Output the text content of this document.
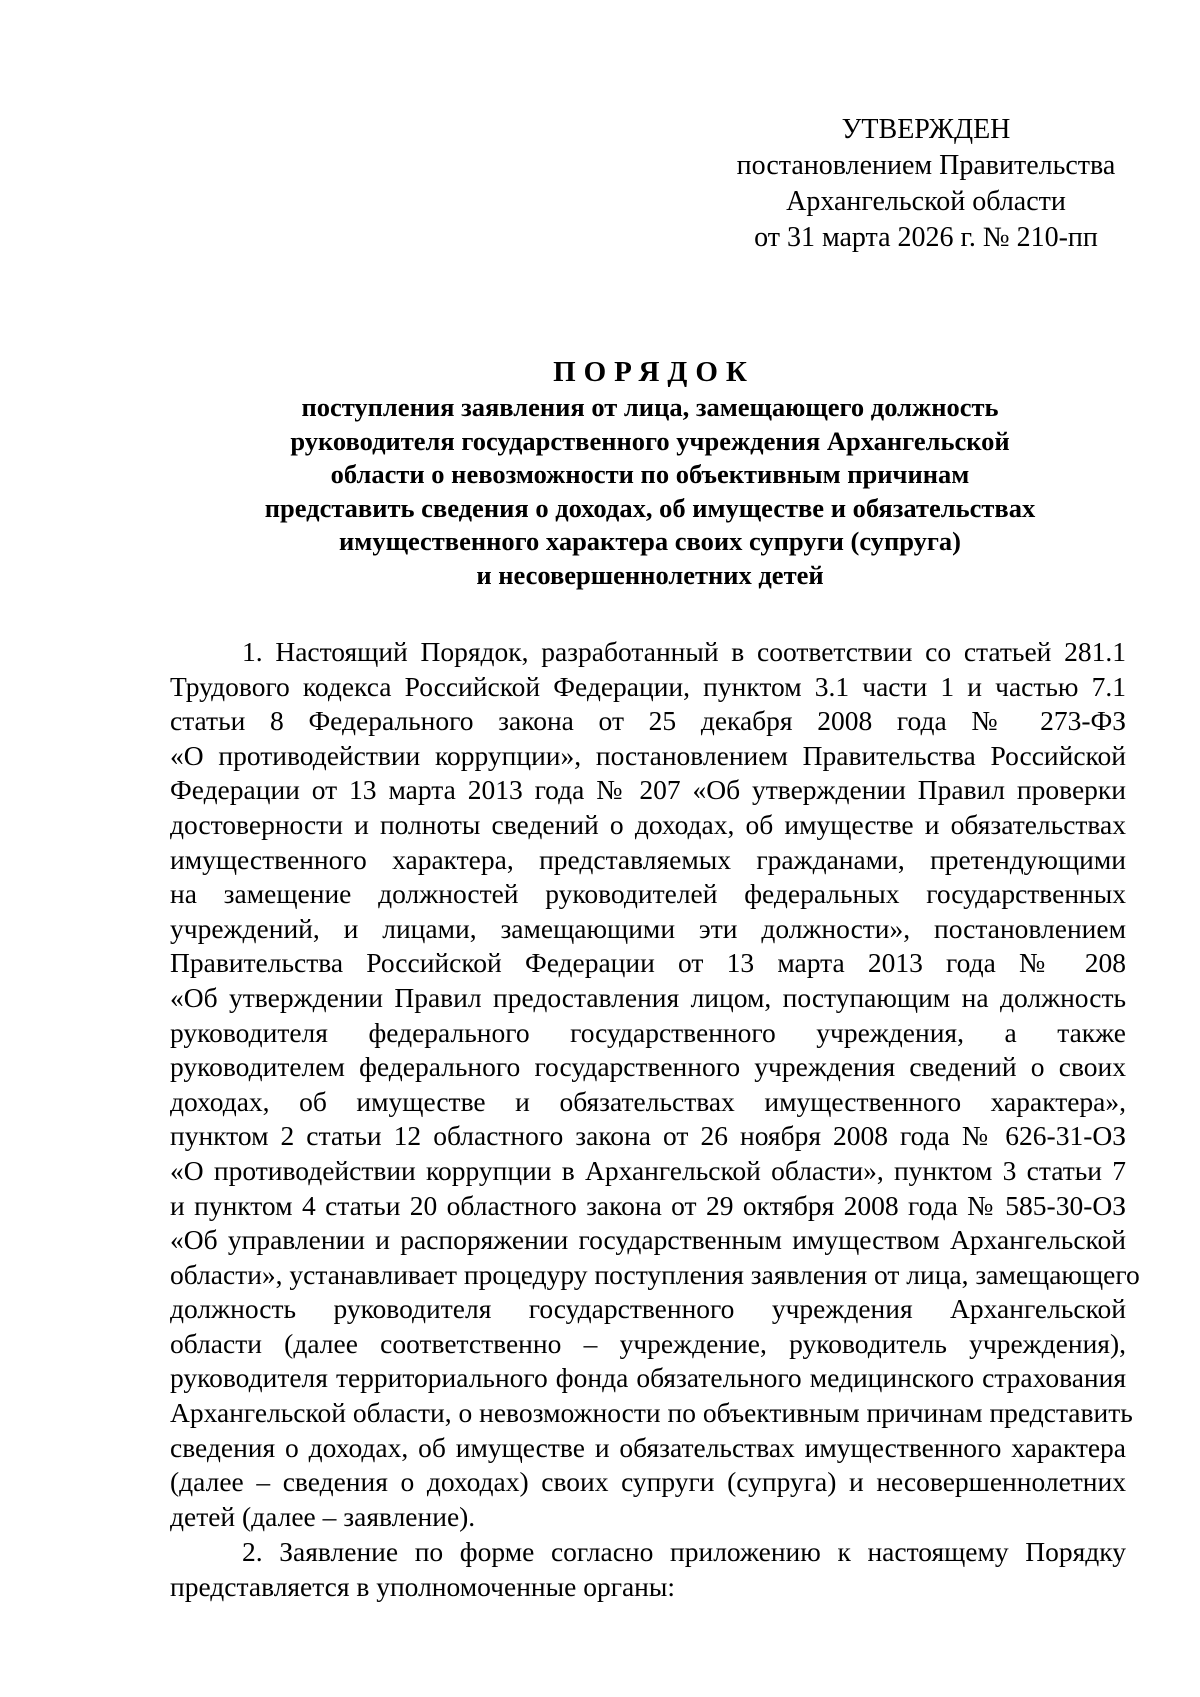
УТВЕРЖДЕН
постановлением Правительства
Архангельской области
от 31 марта 2026 г. № 210-пп
ПОРЯДОК
поступления заявления от лица, замещающего должность
руководителя государственного учреждения Архангельской
области о невозможности по объективным причинам
представить сведения о доходах, об имуществе и обязательствах
имущественного характера своих супруги (супруга)
и несовершеннолетних детей
1. Настоящий Порядок, разработанный в соответствии со статьей 281.1
Трудового кодекса Российской Федерации, пунктом 3.1 части 1 и частью 7.1
статьи 8 Федерального закона от 25 декабря 2008 года № 273-ФЗ
«О противодействии коррупции», постановлением Правительства Российской
Федерации от 13 марта 2013 года № 207 «Об утверждении Правил проверки
достоверности и полноты сведений о доходах, об имуществе и обязательствах
имущественного характера, представляемых гражданами, претендующими
на замещение должностей руководителей федеральных государственных
учреждений, и лицами, замещающими эти должности», постановлением
Правительства Российской Федерации от 13 марта 2013 года № 208
«Об утверждении Правил предоставления лицом, поступающим на должность
руководителя федерального государственного учреждения, а также
руководителем федерального государственного учреждения сведений о своих
доходах, об имуществе и обязательствах имущественного характера»,
пунктом 2 статьи 12 областного закона от 26 ноября 2008 года № 626-31-ОЗ
«О противодействии коррупции в Архангельской области», пунктом 3 статьи 7
и пунктом 4 статьи 20 областного закона от 29 октября 2008 года № 585-30-ОЗ
«Об управлении и распоряжении государственным имуществом Архангельской
области», устанавливает процедуру поступления заявления от лица, замещающего
должность руководителя государственного учреждения Архангельской
области (далее соответственно – учреждение, руководитель учреждения),
руководителя территориального фонда обязательного медицинского страхования
Архангельской области, о невозможности по объективным причинам представить
сведения о доходах, об имуществе и обязательствах имущественного характера
(далее – сведения о доходах) своих супруги (супруга) и несовершеннолетних
детей (далее – заявление).
2. Заявление по форме согласно приложению к настоящему Порядку
представляется в уполномоченные органы:
